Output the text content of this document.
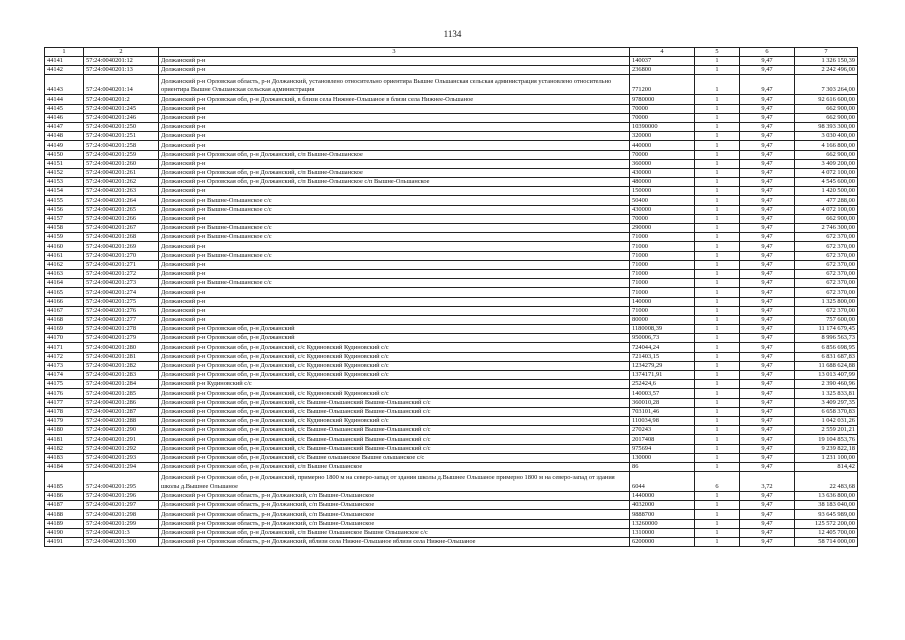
1134
1	2	3	4	5	6	7
44141	57:24:0040201:12	Должанский р-н	140037	1	9,47	1 326 150,39
44142	57:24:0040201:13	Должанский р-н	236800	1	9,47	2 242 496,00
44143	57:24:0040201:14	Должанский р-н Орловская область, р-н Должанский, установлено относительно ориентира Вышне Ольшанская сельская администрация установлено относительно ориентира Вышне Ольшанская сельская администрация	771200	1	9,47	7 303 264,00
44144	57:24:0040201:2	Должанский р-н Орловская обл, р-н Должанский, в близи села Нижнее-Ольшаное в близи села Нижнее-Ольшаное	9780000	1	9,47	92 616 600,00
44145	57:24:0040201:245	Должанский р-н	70000	1	9,47	662 900,00
44146	57:24:0040201:246	Должанский р-н	70000	1	9,47	662 900,00
44147	57:24:0040201:250	Должанский р-н	10390000	1	9,47	98 393 300,00
44148	57:24:0040201:251	Должанский р-н	320000	1	9,47	3 030 400,00
44149	57:24:0040201:258	Должанский р-н	440000	1	9,47	4 166 800,00
44150	57:24:0040201:259	Должанский р-н Орловская обл, р-н Должанский, с/п Вышне-Ольшанское	70000	1	9,47	662 900,00
44151	57:24:0040201:260	Должанский р-н	360000	1	9,47	3 409 200,00
44152	57:24:0040201:261	Должанский р-н Орловская обл, р-н Должанский, с/п Вышне-Ольшанское	430000	1	9,47	4 072 100,00
44153	57:24:0040201:262	Должанский р-н Орловская обл, р-н Должанский, с/п Вышне-Ольшанское с/п Вышне-Ольшанское	480000	1	9,47	4 545 600,00
44154	57:24:0040201:263	Должанский р-н	150000	1	9,47	1 420 500,00
44155	57:24:0040201:264	Должанский р-н Вышне-Ольшанское с/с	50400	1	9,47	477 288,00
44156	57:24:0040201:265	Должанский р-н Вышне-Ольшанское с/с	430000	1	9,47	4 072 100,00
44157	57:24:0040201:266	Должанский р-н	70000	1	9,47	662 900,00
44158	57:24:0040201:267	Должанский р-н Вышне-Ольшанское с/с	290000	1	9,47	2 746 300,00
44159	57:24:0040201:268	Должанский р-н Вышне-Ольшанское с/с	71000	1	9,47	672 370,00
44160	57:24:0040201:269	Должанский р-н	71000	1	9,47	672 370,00
44161	57:24:0040201:270	Должанский р-н Вышне-Ольшанское с/с	71000	1	9,47	672 370,00
44162	57:24:0040201:271	Должанский р-н	71000	1	9,47	672 370,00
44163	57:24:0040201:272	Должанский р-н	71000	1	9,47	672 370,00
44164	57:24:0040201:273	Должанский р-н Вышне-Ольшанское с/с	71000	1	9,47	672 370,00
44165	57:24:0040201:274	Должанский р-н	71000	1	9,47	672 370,00
44166	57:24:0040201:275	Должанский р-н	140000	1	9,47	1 325 800,00
44167	57:24:0040201:276	Должанский р-н	71000	1	9,47	672 370,00
44168	57:24:0040201:277	Должанский р-н	80000	1	9,47	757 600,00
44169	57:24:0040201:278	Должанский р-н Орловская обл, р-н Должанский	1180008,39	1	9,47	11 174 679,45
44170	57:24:0040201:279	Должанский р-н Орловская обл, р-н Должанский	950006,73	1	9,47	8 996 563,73
44171	57:24:0040201:280	Должанский р-н Орловская обл, р-н Должанский, с/с Кудиновский Кудиновский с/с	724044,24	1	9,47	6 856 698,95
44172	57:24:0040201:281	Должанский р-н Орловская обл, р-н Должанский, с/с Кудиновский Кудиновский с/с	721403,15	1	9,47	6 831 687,83
44173	57:24:0040201:282	Должанский р-н Орловская обл, р-н Должанский, с/с Кудиновский Кудиновский с/с	1234279,29	1	9,47	11 688 624,88
44174	57:24:0040201:283	Должанский р-н Орловская обл, р-н Должанский, с/с Кудиновский Кудиновский с/с	1374171,91	1	9,47	13 013 407,99
44175	57:24:0040201:284	Должанский р-н Кудиновский с/с	252424,6	1	9,47	2 390 460,96
44176	57:24:0040201:285	Должанский р-н Орловская обл, р-н Должанский, с/с Кудиновский Кудиновский с/с	140003,57	1	9,47	1 325 833,81
44177	57:24:0040201:286	Должанский р-н Орловская обл, р-н Должанский, с/с Вышне-Ольшанский Вышне-Ольшанский с/с	360010,28	1	9,47	3 409 297,35
44178	57:24:0040201:287	Должанский р-н Орловская обл, р-н Должанский, с/с Вышне-Ольшанский Вышне-Ольшанский с/с	703101,46	1	9,47	6 658 370,83
44179	57:24:0040201:288	Должанский р-н Орловская обл, р-н Должанский, с/с Кудиновский Кудиновский с/с	110034,98	1	9,47	1 042 031,26
44180	57:24:0040201:290	Должанский р-н Орловская обл, р-н Должанский, с/с Вышне-Ольшанский Вышне-Ольшанский с/с	270243	1	9,47	2 559 201,21
44181	57:24:0040201:291	Должанский р-н Орловская обл, р-н Должанский, с/с Вышне-Ольшанский Вышне-Ольшанский с/с	2017408	1	9,47	19 104 853,76
44182	57:24:0040201:292	Должанский р-н Орловская обл, р-н Должанский, с/с Вышне-Ольшанский Вышне-Ольшанский с/с	975694	1	9,47	9 239 822,18
44183	57:24:0040201:293	Должанский р-н Орловская обл, р-н Должанский, с/с Вышне ольшанское Вышне ольшанское с/с	130000	1	9,47	1 231 100,00
44184	57:24:0040201:294	Должанский р-н Орловская обл, р-н Должанский, с/п Вышне Ольшанское	86	1	9,47	814,42
44185	57:24:0040201:295	Должанский р-н Орловская обл, р-н Должанский, примерно 1800 м на северо-запад от здания школы д.Вышнее Ольшаное примерно 1800 м на северо-запад от здания школы д.Вышнее Ольшаное	6044	6	3,72	22 483,68
44186	57:24:0040201:296	Должанский р-н Орловская область, р-н Должанский, с/п Вышне-Ольшанское	1440000	1	9,47	13 636 800,00
44187	57:24:0040201:297	Должанский р-н Орловская область, р-н Должанский, с/п Вышне-Ольшанское	4032000	1	9,47	38 183 040,00
44188	57:24:0040201:298	Должанский р-н Орловская область, р-н Должанский, с/п Вышне-Ольшанское	9888700	1	9,47	93 645 989,00
44189	57:24:0040201:299	Должанский р-н Орловская область, р-н Должанский, с/п Вышне-Ольшанское	13260000	1	9,47	125 572 200,00
44190	57:24:0040201:3	Должанский р-н Орловская обл, р-н Должанский, с/п Вышне Ольшанское Вышне Ольшанское с/с	1310000	1	9,47	12 405 700,00
44191	57:24:0040201:300	Должанский р-н Орловская область, р-н Должанский, вблизи села Нижне-Ольшаное вблизи села Нижне-Ольшаное	6200000	1	9,47	58 714 000,00
